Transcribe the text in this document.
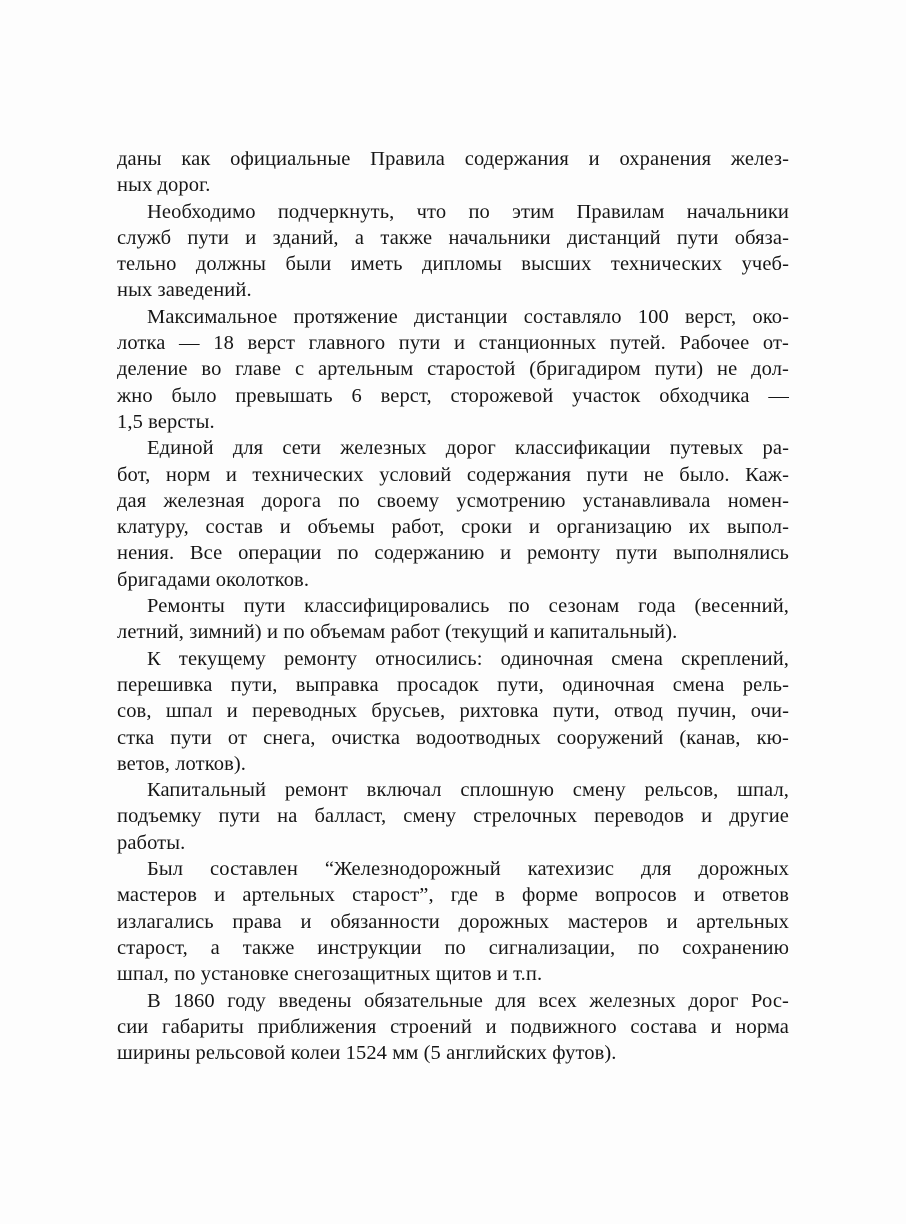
даны как официальные Правила содержания и охранения желез-
ных дорог.

Необходимо подчеркнуть, что по этим Правилам начальники
служб пути и зданий, а также начальники дистанций пути обяза-
тельно должны были иметь дипломы высших технических учеб-
ных заведений.

Максимальное протяжение дистанции составляло 100 верст, око-
лотка — 18 верст главного пути и станционных путей. Рабочее от-
деление во главе с артельным старостой (бригадиром пути) не дол-
жно было превышать 6 верст, сторожевой участок обходчика —
1,5 версты.

Единой для сети железных дорог классификации путевых ра-
бот, норм и технических условий содержания пути не было. Каж-
дая железная дорога по своему усмотрению устанавливала номен-
клатуру, состав и объемы работ, сроки и организацию их выпол-
нения. Все операции по содержанию и ремонту пути выполнялись
бригадами околотков.

Ремонты пути классифицировались по сезонам года (весенний,
летний, зимний) и по объемам работ (текущий и капитальный).

К текущему ремонту относились: одиночная смена скреплений,
перешивка пути, выправка просадок пути, одиночная смена рель-
сов, шпал и переводных брусьев, рихтовка пути, отвод пучин, очи-
стка пути от снега, очистка водоотводных сооружений (канав, кю-
ветов, лотков).

Капитальный ремонт включал сплошную смену рельсов, шпал,
подъемку пути на балласт, смену стрелочных переводов и другие
работы.

Был составлен “Железнодорожный катехизис для дорожных
мастеров и артельных старост”, где в форме вопросов и ответов
излагались права и обязанности дорожных мастеров и артельных
старост, а также инструкции по сигнализации, по сохранению
шпал, по установке снегозащитных щитов и т.п.

В 1860 году введены обязательные для всех железных дорог Рос-
сии габариты приближения строений и подвижного состава и норма
ширины рельсовой колеи 1524 мм (5 английских футов).
